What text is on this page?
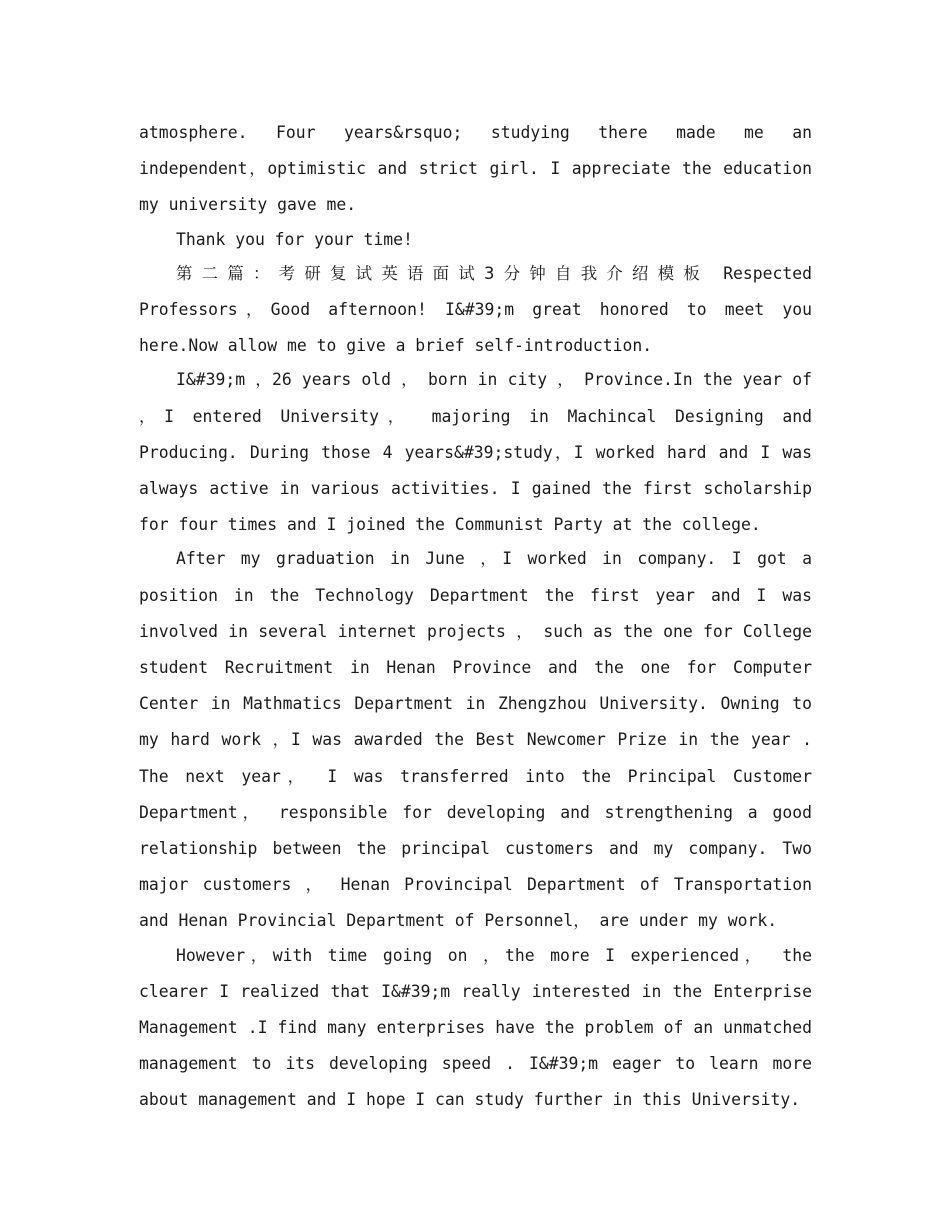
atmosphere. Four years&rsquo; studying there made me an independent，optimistic and strict girl. I appreciate the education my university gave me.

Thank you for your time!

第二篇：考研复试英语面试3分钟自我介绍模板 Respected Professors，Good afternoon! I&#39;m great honored to meet you here.Now allow me to give a brief self-introduction.

I&#39;m ，26 years old ， born in city ， Province.In the year of ，I entered University， majoring in Machincal Designing and Producing. During those 4 years&#39;study，I worked hard and I was always active in various activities. I gained the first scholarship for four times and I joined the Communist Party at the college.

After my graduation in June ，I worked in company. I got a position in the Technology Department the first year and I was involved in several internet projects ， such as the one for College student Recruitment in Henan Province and the one for Computer Center in Mathmatics Department in Zhengzhou University. Owning to my hard work ，I was awarded the Best Newcomer Prize in the year . The next year， I was transferred into the Principal Customer Department， responsible for developing and strengthening a good relationship between the principal customers and my company. Two major customers ， Henan Provincipal Department of Transportation and Henan Provincial Department of Personnel， are under my work.

However，with time going on ，the more I experienced， the clearer I realized that I&#39;m really interested in the Enterprise Management .I find many enterprises have the problem of an unmatched management to its developing speed . I&#39;m eager to learn more about management and I hope I can study further in this University.
